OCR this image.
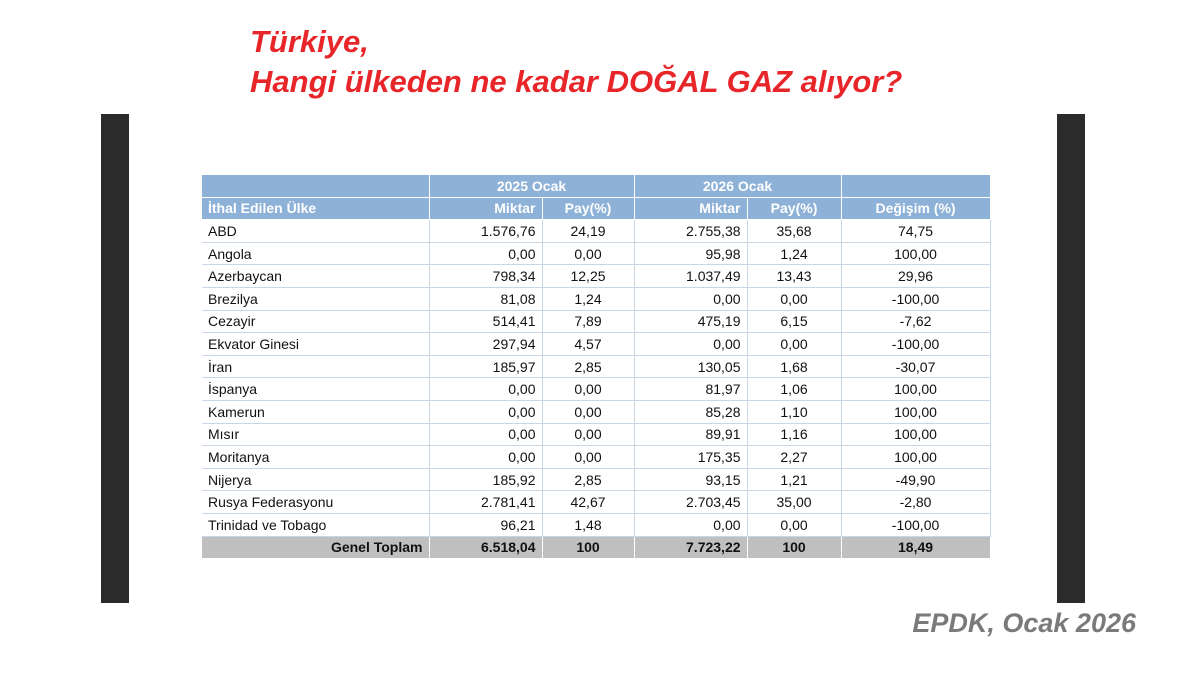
Türkiye,
Hangi ülkeden ne kadar DOĞAL GAZ alıyor?
	2025 Ocak		2026 Ocak		
İthal Edilen Ülke	Miktar	Pay(%)	Miktar	Pay(%)	Değişim (%)
ABD	1.576,76	24,19	2.755,38	35,68	74,75
Angola	0,00	0,00	95,98	1,24	100,00
Azerbaycan	798,34	12,25	1.037,49	13,43	29,96
Brezilya	81,08	1,24	0,00	0,00	-100,00
Cezayir	514,41	7,89	475,19	6,15	-7,62
Ekvator Ginesi	297,94	4,57	0,00	0,00	-100,00
İran	185,97	2,85	130,05	1,68	-30,07
İspanya	0,00	0,00	81,97	1,06	100,00
Kamerun	0,00	0,00	85,28	1,10	100,00
Mısır	0,00	0,00	89,91	1,16	100,00
Moritanya	0,00	0,00	175,35	2,27	100,00
Nijerya	185,92	2,85	93,15	1,21	-49,90
Rusya Federasyonu	2.781,41	42,67	2.703,45	35,00	-2,80
Trinidad ve Tobago	96,21	1,48	0,00	0,00	-100,00
Genel Toplam	6.518,04	100	7.723,22	100	18,49
EPDK, Ocak 2026
